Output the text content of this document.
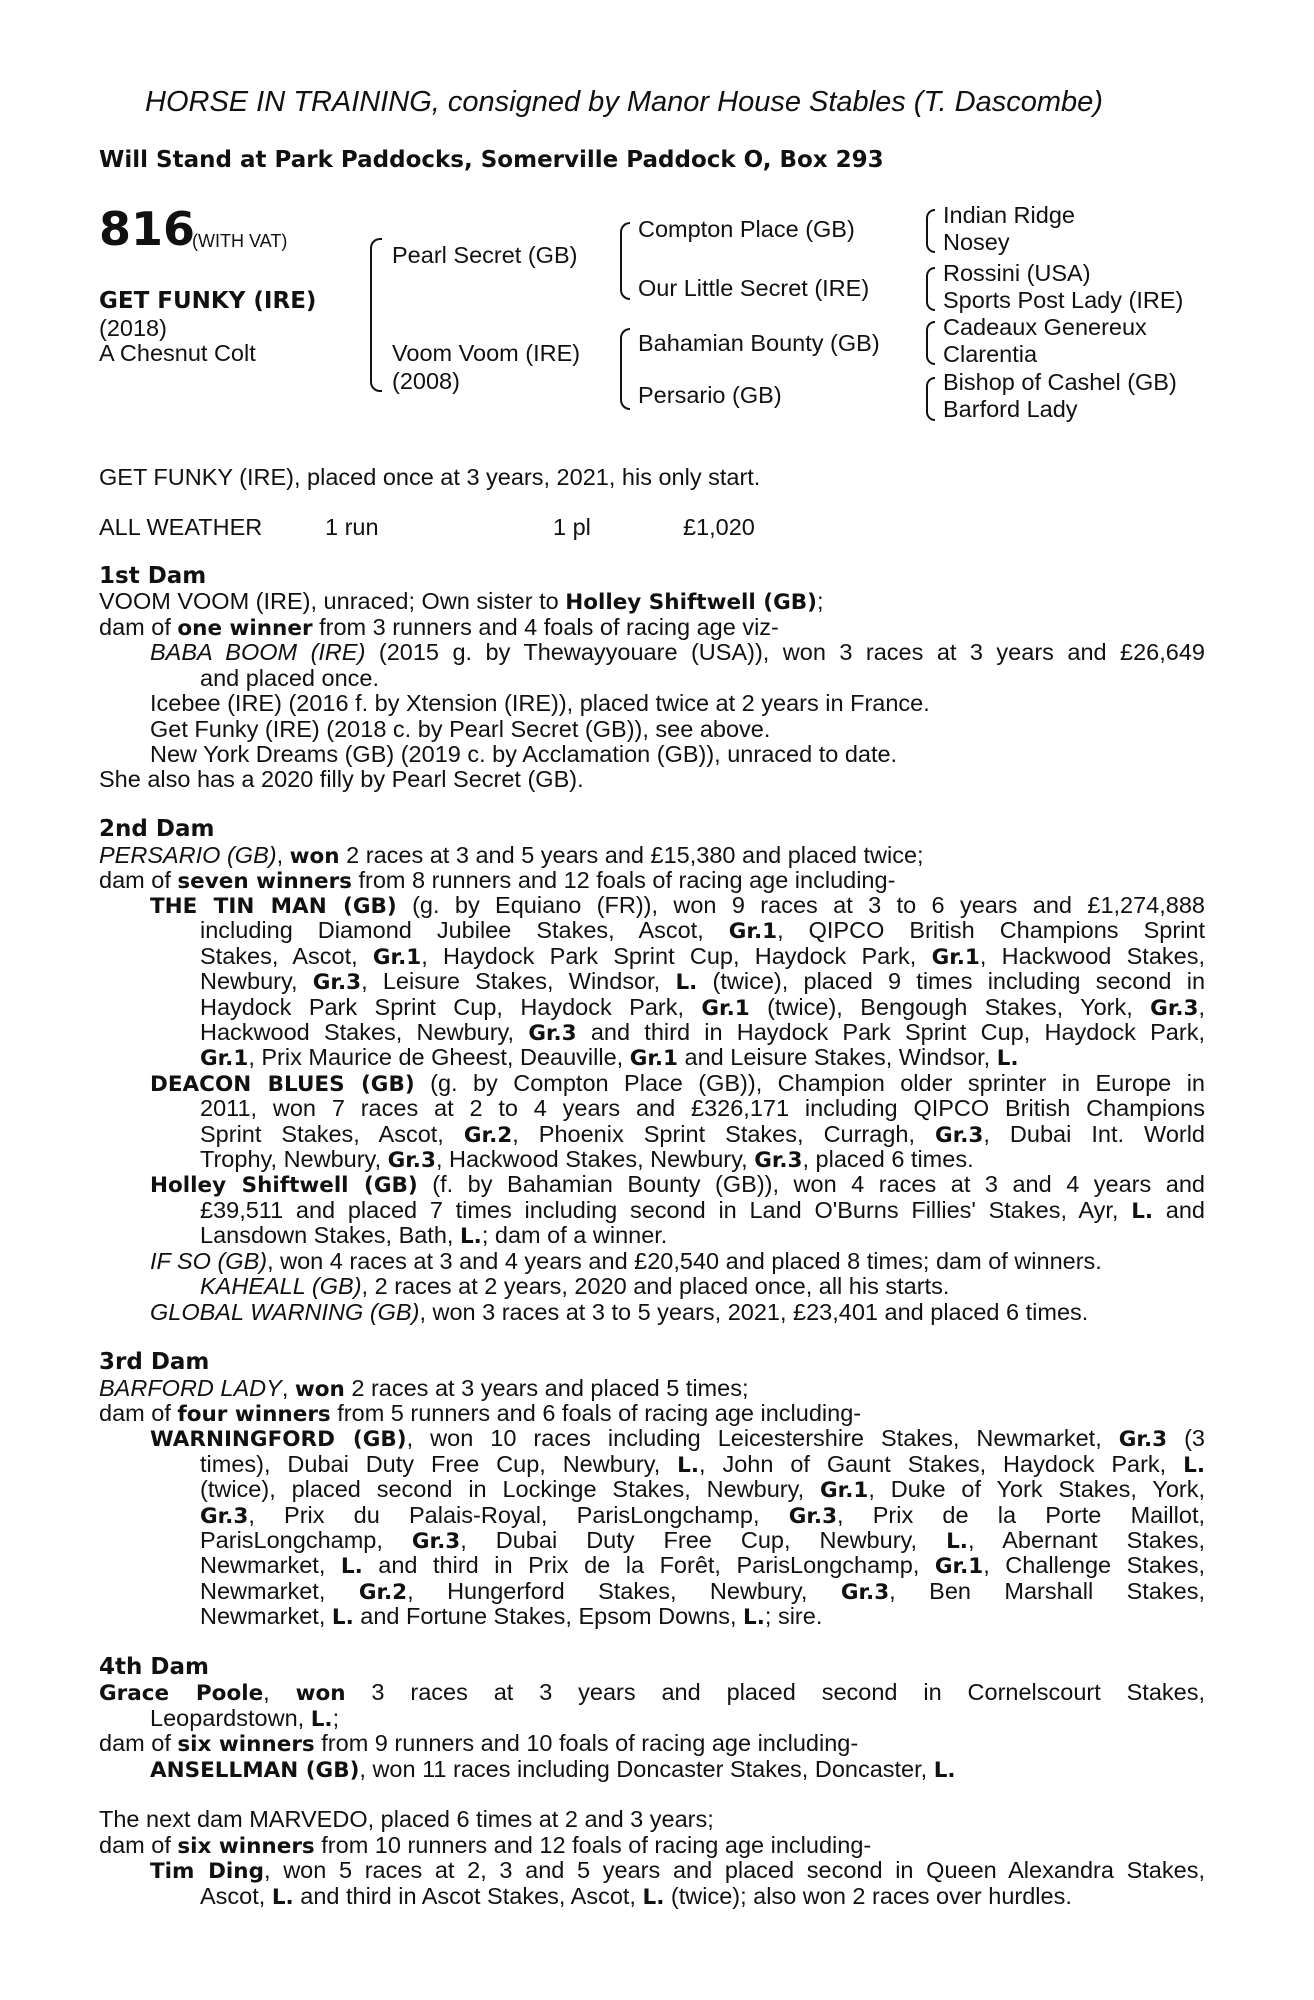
HORSE IN TRAINING, consigned by Manor House Stables (T. Dascombe)
Will Stand at Park Paddocks, Somerville Paddock O, Box 293
816
(WITH VAT)
GET FUNKY (IRE)
(2018)
A Chesnut Colt
Pearl Secret (GB)
Voom Voom (IRE)
(2008)
Compton Place (GB)
Our Little Secret (IRE)
Bahamian Bounty (GB)
Persario (GB)
Indian Ridge
Nosey
Rossini (USA)
Sports Post Lady (IRE)
Cadeaux Genereux
Clarentia
Bishop of Cashel (GB)
Barford Lady
GET FUNKY (IRE), placed once at 3 years, 2021, his only start.
ALL WEATHER	1 run	1 pl	£1,020
1st Dam
VOOM VOOM (IRE), unraced; Own sister to Holley Shiftwell (GB);
dam of one winner from 3 runners and 4 foals of racing age viz-
BABA BOOM (IRE) (2015 g. by Thewayyouare (USA)), won 3 races at 3 years and £26,649
and placed once.
Icebee (IRE) (2016 f. by Xtension (IRE)), placed twice at 2 years in France.
Get Funky (IRE) (2018 c. by Pearl Secret (GB)), see above.
New York Dreams (GB) (2019 c. by Acclamation (GB)), unraced to date.
She also has a 2020 filly by Pearl Secret (GB).
2nd Dam
PERSARIO (GB), won 2 races at 3 and 5 years and £15,380 and placed twice;
dam of seven winners from 8 runners and 12 foals of racing age including-
THE TIN MAN (GB) (g. by Equiano (FR)), won 9 races at 3 to 6 years and £1,274,888
including Diamond Jubilee Stakes, Ascot, Gr.1, QIPCO British Champions Sprint
Stakes, Ascot, Gr.1, Haydock Park Sprint Cup, Haydock Park, Gr.1, Hackwood Stakes,
Newbury, Gr.3, Leisure Stakes, Windsor, L. (twice), placed 9 times including second in
Haydock Park Sprint Cup, Haydock Park, Gr.1 (twice), Bengough Stakes, York, Gr.3,
Hackwood Stakes, Newbury, Gr.3 and third in Haydock Park Sprint Cup, Haydock Park,
Gr.1, Prix Maurice de Gheest, Deauville, Gr.1 and Leisure Stakes, Windsor, L.
DEACON BLUES (GB) (g. by Compton Place (GB)), Champion older sprinter in Europe in
2011, won 7 races at 2 to 4 years and £326,171 including QIPCO British Champions
Sprint Stakes, Ascot, Gr.2, Phoenix Sprint Stakes, Curragh, Gr.3, Dubai Int. World
Trophy, Newbury, Gr.3, Hackwood Stakes, Newbury, Gr.3, placed 6 times.
Holley Shiftwell (GB) (f. by Bahamian Bounty (GB)), won 4 races at 3 and 4 years and
£39,511 and placed 7 times including second in Land O'Burns Fillies' Stakes, Ayr, L. and
Lansdown Stakes, Bath, L.; dam of a winner.
IF SO (GB), won 4 races at 3 and 4 years and £20,540 and placed 8 times; dam of winners.
KAHEALL (GB), 2 races at 2 years, 2020 and placed once, all his starts.
GLOBAL WARNING (GB), won 3 races at 3 to 5 years, 2021, £23,401 and placed 6 times.
3rd Dam
BARFORD LADY, won 2 races at 3 years and placed 5 times;
dam of four winners from 5 runners and 6 foals of racing age including-
WARNINGFORD (GB), won 10 races including Leicestershire Stakes, Newmarket, Gr.3 (3
times), Dubai Duty Free Cup, Newbury, L., John of Gaunt Stakes, Haydock Park, L.
(twice), placed second in Lockinge Stakes, Newbury, Gr.1, Duke of York Stakes, York,
Gr.3, Prix du Palais-Royal, ParisLongchamp, Gr.3, Prix de la Porte Maillot,
ParisLongchamp, Gr.3, Dubai Duty Free Cup, Newbury, L., Abernant Stakes,
Newmarket, L. and third in Prix de la Forêt, ParisLongchamp, Gr.1, Challenge Stakes,
Newmarket, Gr.2, Hungerford Stakes, Newbury, Gr.3, Ben Marshall Stakes,
Newmarket, L. and Fortune Stakes, Epsom Downs, L.; sire.
4th Dam
Grace Poole, won 3 races at 3 years and placed second in Cornelscourt Stakes,
Leopardstown, L.;
dam of six winners from 9 runners and 10 foals of racing age including-
ANSELLMAN (GB), won 11 races including Doncaster Stakes, Doncaster, L.
The next dam MARVEDO, placed 6 times at 2 and 3 years;
dam of six winners from 10 runners and 12 foals of racing age including-
Tim Ding, won 5 races at 2, 3 and 5 years and placed second in Queen Alexandra Stakes,
Ascot, L. and third in Ascot Stakes, Ascot, L. (twice); also won 2 races over hurdles.
